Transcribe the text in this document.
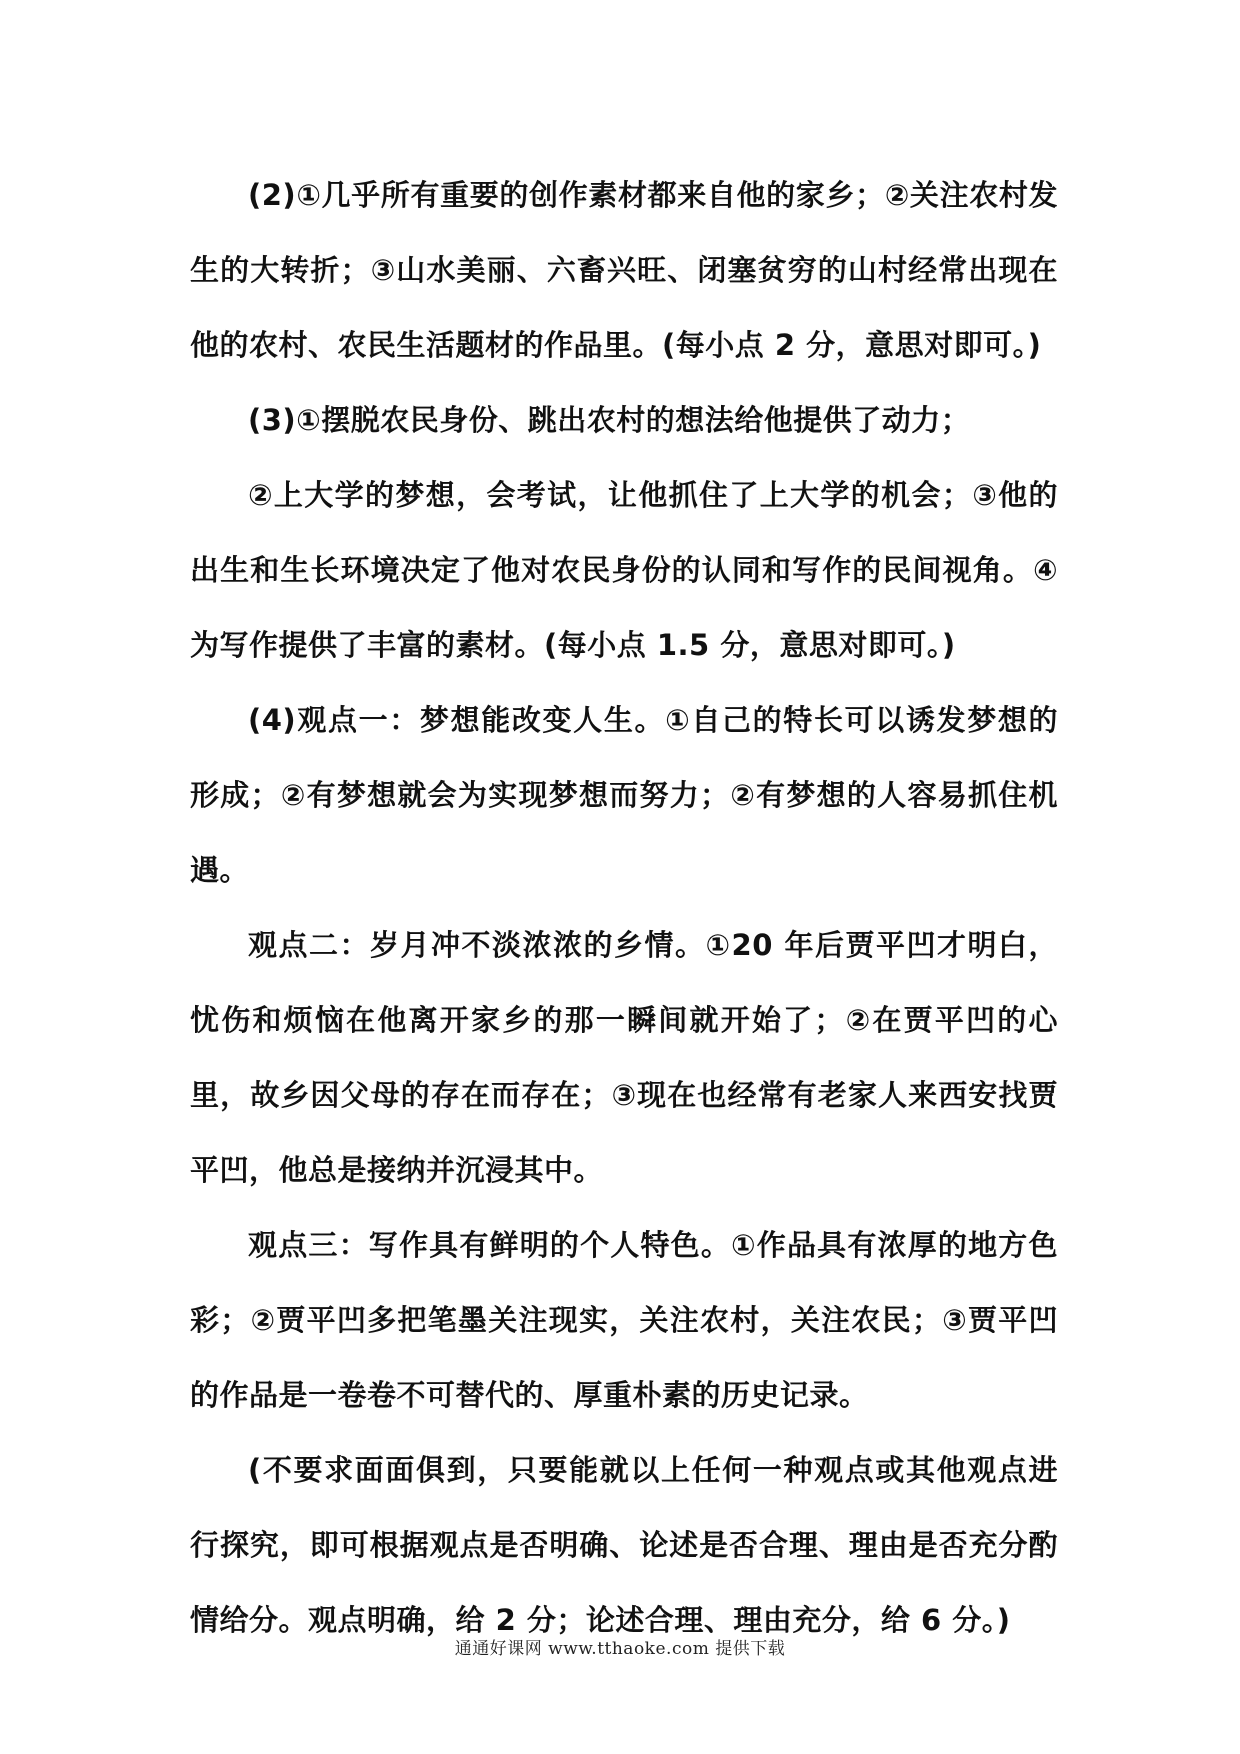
(2)①几乎所有重要的创作素材都来自他的家乡；②关注农村发生的大转折；③山水美丽、六畜兴旺、闭塞贫穷的山村经常出现在他的农村、农民生活题材的作品里。(每小点 2 分，意思对即可。)

(3)①摆脱农民身份、跳出农村的想法给他提供了动力；

②上大学的梦想，会考试，让他抓住了上大学的机会；③他的出生和生长环境决定了他对农民身份的认同和写作的民间视角。④为写作提供了丰富的素材。(每小点 1.5 分，意思对即可。)

(4)观点一：梦想能改变人生。①自己的特长可以诱发梦想的形成；②有梦想就会为实现梦想而努力；②有梦想的人容易抓住机遇。

观点二：岁月冲不淡浓浓的乡情。①20 年后贾平凹才明白，忧伤和烦恼在他离开家乡的那一瞬间就开始了；②在贾平凹的心里，故乡因父母的存在而存在；③现在也经常有老家人来西安找贾平凹，他总是接纳并沉浸其中。

观点三：写作具有鲜明的个人特色。①作品具有浓厚的地方色彩；②贾平凹多把笔墨关注现实，关注农村，关注农民；③贾平凹的作品是一卷卷不可替代的、厚重朴素的历史记录。

(不要求面面俱到，只要能就以上任何一种观点或其他观点进行探究，即可根据观点是否明确、论述是否合理、理由是否充分酌情给分。观点明确，给 2 分；论述合理、理由充分，给 6 分。)

通通好课网 www.tthaoke.com 提供下载
